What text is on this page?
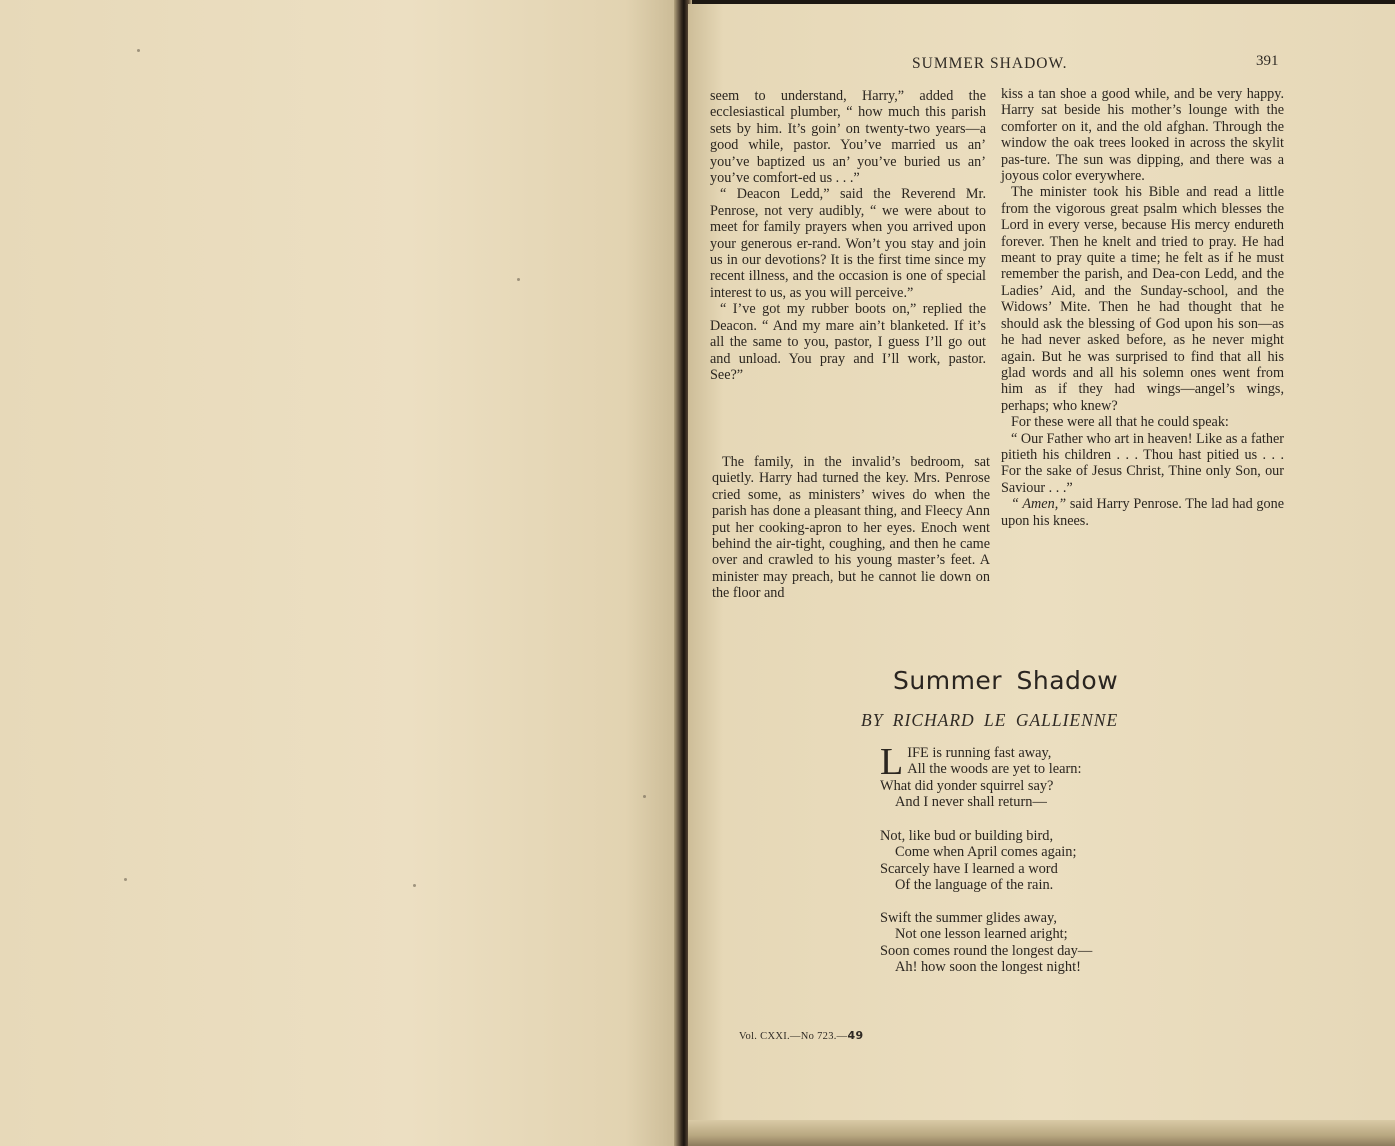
SUMMER SHADOW.	391

seem to understand, Harry,” added the ecclesiastical plumber, “ how much this parish sets by him. It’s goin’ on twenty-two years—a good while, pastor. You’ve married us an’ you’ve baptized us an’ you’ve buried us an’ you’ve comfort-ed us . . .”

“ Deacon Ledd,” said the Reverend Mr. Penrose, not very audibly, “ we were about to meet for family prayers when you arrived upon your generous er-rand. Won’t you stay and join us in our devotions? It is the first time since my recent illness, and the occasion is one of special interest to us, as you will perceive.”

“ I’ve got my rubber boots on,” replied the Deacon. “ And my mare ain’t blanketed. If it’s all the same to you, pastor, I guess I’ll go out and unload. You pray and I’ll work, pastor. See?”

The family, in the invalid’s bedroom, sat quietly. Harry had turned the key. Mrs. Penrose cried some, as ministers’ wives do when the parish has done a pleasant thing, and Fleecy Ann put her cooking-apron to her eyes. Enoch went behind the air-tight, coughing, and then he came over and crawled to his young master’s feet. A minister may preach, but he cannot lie down on the floor and

kiss a tan shoe a good while, and be very happy. Harry sat beside his mother’s lounge with the comforter on it, and the old afghan. Through the window the oak trees looked in across the skylit pas-ture. The sun was dipping, and there was a joyous color everywhere.

The minister took his Bible and read a little from the vigorous great psalm which blesses the Lord in every verse, because His mercy endureth forever. Then he knelt and tried to pray. He had meant to pray quite a time; he felt as if he must remember the parish, and Dea-con Ledd, and the Ladies’ Aid, and the Sunday-school, and the Widows’ Mite. Then he had thought that he should ask the blessing of God upon his son—as he had never asked before, as he never might again. But he was surprised to find that all his glad words and all his solemn ones went from him as if they had wings—angel’s wings, perhaps; who knew?

For these were all that he could speak:

“ Our Father who art in heaven! Like as a father pitieth his children . . . Thou hast pitied us . . . For the sake of Jesus Christ, Thine only Son, our Saviour . . .”

“ Amen,” said Harry Penrose. The lad had gone upon his knees.

Summer Shadow
BY RICHARD LE GALLIENNE
L IFE is running fast away,
All the woods are yet to learn:
What did yonder squirrel say?
And I never shall return—
Not, like bud or building bird,
Come when April comes again;
Scarcely have I learned a word
Of the language of the rain.
Swift the summer glides away,
Not one lesson learned aright;
Soon comes round the longest day—
Ah! how soon the longest night!
Vol. CXXI.—No 723.—49
